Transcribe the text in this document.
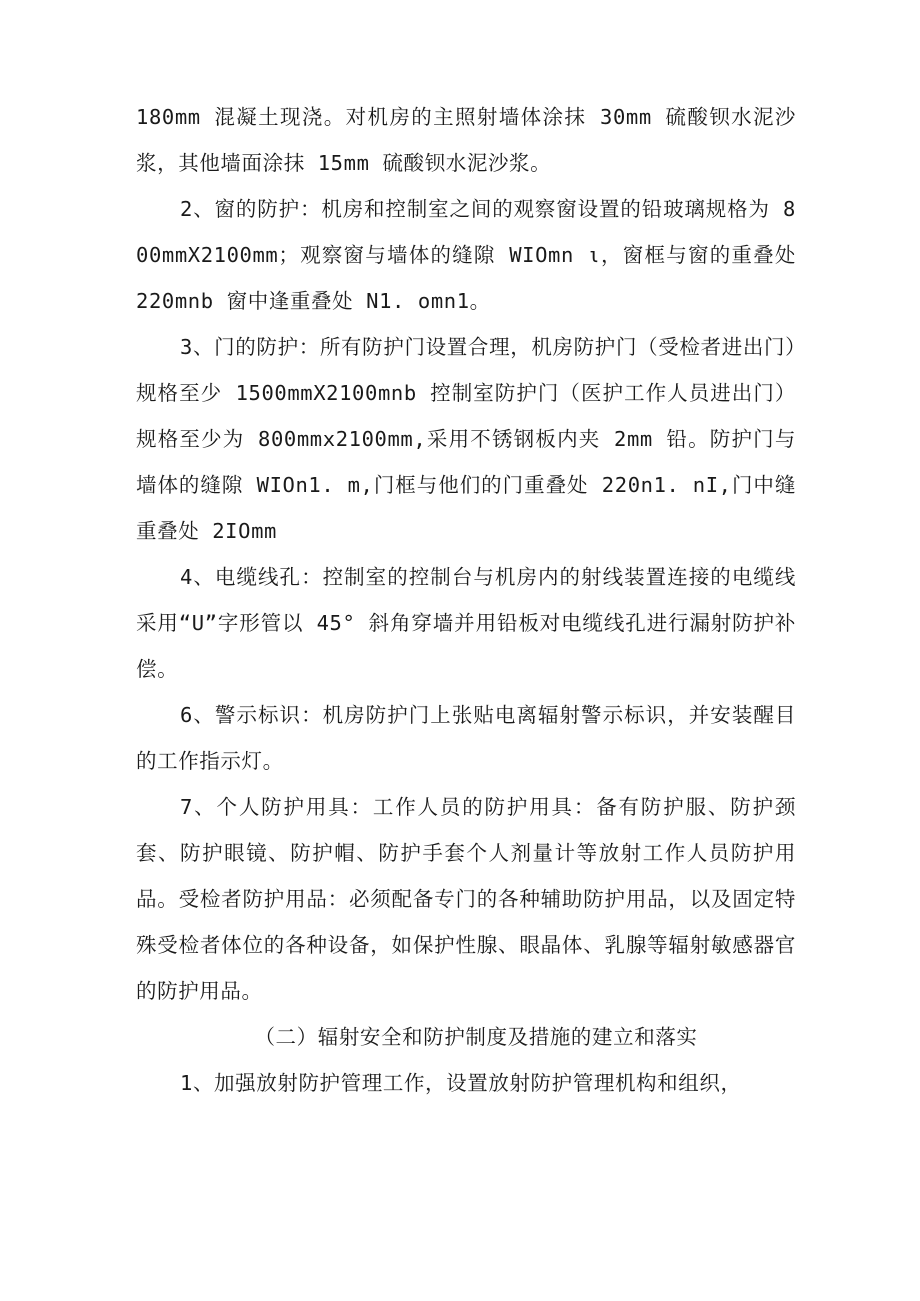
180mm 混凝土现浇。对机房的主照射墙体涂抹 30mm 硫酸钡水泥沙浆，其他墙面涂抹 15mm 硫酸钡水泥沙浆。

2、窗的防护：机房和控制室之间的观察窗设置的铅玻璃规格为 800mmX2100mm；观察窗与墙体的缝隙 WIOmn ι，窗框与窗的重叠处 220mnb 窗中逢重叠处 N1. omn1。

3、门的防护：所有防护门设置合理，机房防护门（受检者进出门）规格至少 1500mmX2100mnb 控制室防护门（医护工作人员进出门）规格至少为 800mmx2100mm,采用不锈钢板内夹 2mm 铅。防护门与墙体的缝隙 WIOn1. m,门框与他们的门重叠处 220n1. nI,门中缝重叠处 2IOmm

4、电缆线孔：控制室的控制台与机房内的射线装置连接的电缆线采用“U”字形管以 45° 斜角穿墙并用铅板对电缆线孔进行漏射防护补偿。

6、警示标识：机房防护门上张贴电离辐射警示标识，并安装醒目的工作指示灯。

7、个人防护用具：工作人员的防护用具：备有防护服、防护颈套、防护眼镜、防护帽、防护手套个人剂量计等放射工作人员防护用品。受检者防护用品：必须配备专门的各种辅助防护用品，以及固定特殊受检者体位的各种设备，如保护性腺、眼晶体、乳腺等辐射敏感器官的防护用品。

（二）辐射安全和防护制度及措施的建立和落实

1、加强放射防护管理工作，设置放射防护管理机构和组织，
